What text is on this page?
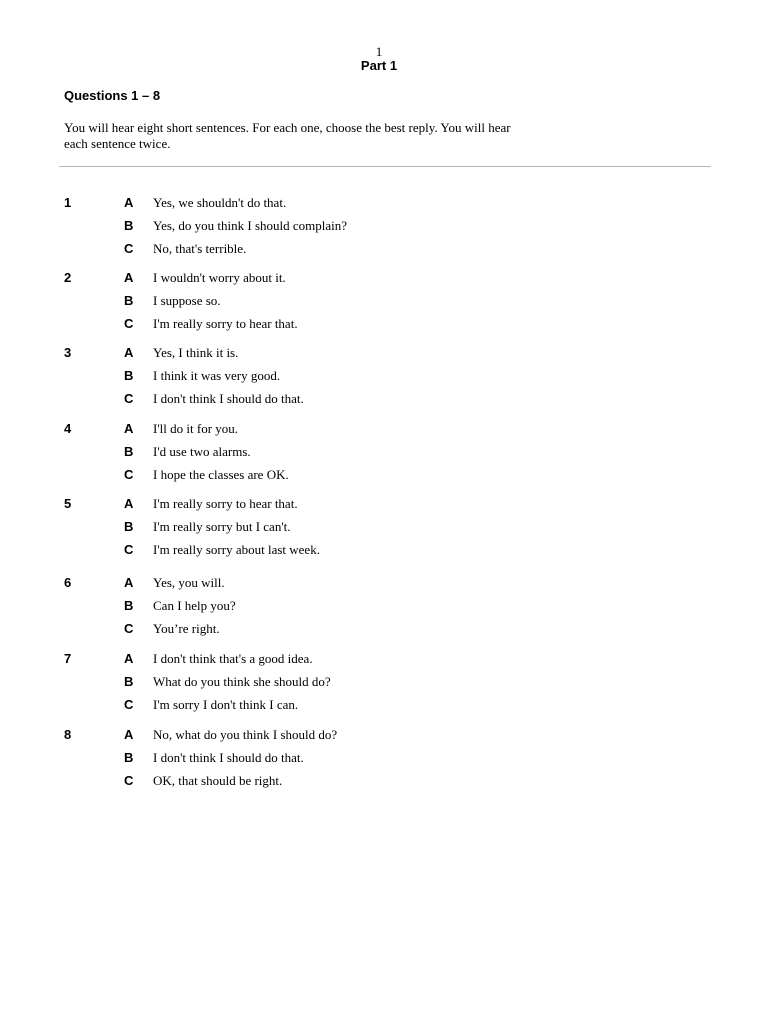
1
Part 1
Questions 1 – 8

You will hear eight short sentences. For each one, choose the best reply. You will hear each sentence twice.

1	A Yes, we shouldn't do that.
B Yes, do you think I should complain?
C No, that's terrible.
2	A I wouldn't worry about it.
B I suppose so.
C I'm really sorry to hear that.
3	A Yes, I think it is.
B I think it was very good.
C I don't think I should do that.
4	A I'll do it for you.
B I'd use two alarms.
C I hope the classes are OK.
5	A I'm really sorry to hear that.
B I'm really sorry but I can't.
C I'm really sorry about last week.
6	A Yes, you will.
B Can I help you?
C You’re right.
7	A I don't think that's a good idea.
B What do you think she should do?
C I'm sorry I don't think I can.
8	A No, what do you think I should do?
B I don't think I should do that.
C OK, that should be right.
